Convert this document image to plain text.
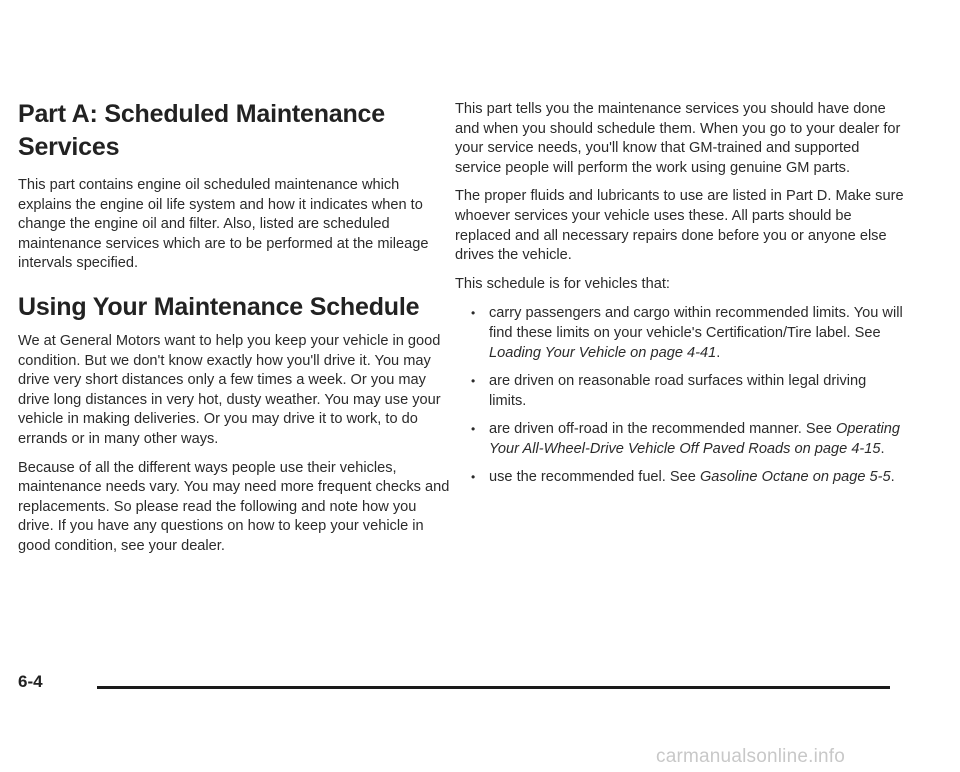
Part A: Scheduled Maintenance Services

This part contains engine oil scheduled maintenance which explains the engine oil life system and how it indicates when to change the engine oil and filter. Also, listed are scheduled maintenance services which are to be performed at the mileage intervals specified.

Using Your Maintenance Schedule

We at General Motors want to help you keep your vehicle in good condition. But we don't know exactly how you'll drive it. You may drive very short distances only a few times a week. Or you may drive long distances in very hot, dusty weather. You may use your vehicle in making deliveries. Or you may drive it to work, to do errands or in many other ways.

Because of all the different ways people use their vehicles, maintenance needs vary. You may need more frequent checks and replacements. So please read the following and note how you drive. If you have any questions on how to keep your vehicle in good condition, see your dealer.

This part tells you the maintenance services you should have done and when you should schedule them. When you go to your dealer for your service needs, you'll know that GM-trained and supported service people will perform the work using genuine GM parts.

The proper fluids and lubricants to use are listed in Part D. Make sure whoever services your vehicle uses these. All parts should be replaced and all necessary repairs done before you or anyone else drives the vehicle.

This schedule is for vehicles that:

• carry passengers and cargo within recommended limits. You will find these limits on your vehicle's Certification/Tire label. See Loading Your Vehicle on page 4-41.
• are driven on reasonable road surfaces within legal driving limits.
• are driven off-road in the recommended manner. See Operating Your All-Wheel-Drive Vehicle Off Paved Roads on page 4-15.
• use the recommended fuel. See Gasoline Octane on page 5-5.
6-4
carmanualsonline.info
